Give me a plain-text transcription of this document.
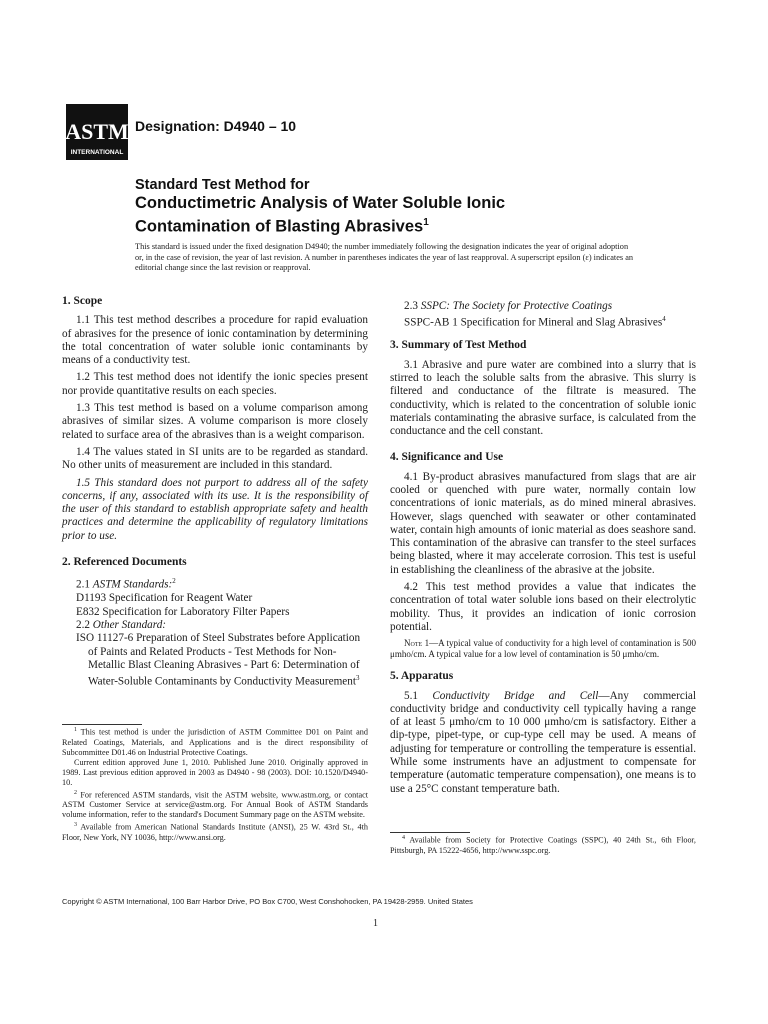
ASTM
INTERNATIONAL
Designation: D4940 – 10
Standard Test Method for
Conductimetric Analysis of Water Soluble Ionic
Contamination of Blasting Abrasives$^1$
This standard is issued under the fixed designation D4940; the number immediately following the designation indicates the year of original adoption or, in the case of revision, the year of last revision. A number in parentheses indicates the year of last reapproval. A superscript epsilon (ε) indicates an editorial change since the last revision or reapproval.
1. Scope

1.1 This test method describes a procedure for rapid evaluation of abrasives for the presence of ionic contamination by determining the total concentration of water soluble ionic contaminants by means of a conductivity test.

1.2 This test method does not identify the ionic species present nor provide quantitative results on each species.

1.3 This test method is based on a volume comparison among abrasives of similar sizes. A volume comparison is more closely related to surface area of the abrasives than is a weight comparison.

1.4 The values stated in SI units are to be regarded as standard. No other units of measurement are included in this standard.

1.5 This standard does not purport to address all of the safety concerns, if any, associated with its use. It is the responsibility of the user of this standard to establish appropriate safety and health practices and determine the applicability of regulatory limitations prior to use.

2. Referenced Documents

2.1 ASTM Standards:$^2$

D1193 Specification for Reagent Water

E832 Specification for Laboratory Filter Papers

2.2 Other Standard:

ISO 11127-6 Preparation of Steel Substrates before Application of Paints and Related Products - Test Methods for Non-Metallic Blast Cleaning Abrasives - Part 6: Determination of Water-Soluble Contaminants by Conductivity Measurement$^3$

$^1$ This test method is under the jurisdiction of ASTM Committee D01 on Paint and Related Coatings, Materials, and Applications and is the direct responsibility of Subcommittee D01.46 on Industrial Protective Coatings.

Current edition approved June 1, 2010. Published June 2010. Originally approved in 1989. Last previous edition approved in 2003 as D4940 - 98 (2003). DOI: 10.1520/D4940-10.

$^2$ For referenced ASTM standards, visit the ASTM website, www.astm.org, or contact ASTM Customer Service at service@astm.org. For Annual Book of ASTM Standards volume information, refer to the standard's Document Summary page on the ASTM website.

$^3$ Available from American National Standards Institute (ANSI), 25 W. 43rd St., 4th Floor, New York, NY 10036, http://www.ansi.org.

2.3 SSPC: The Society for Protective Coatings

SSPC-AB 1 Specification for Mineral and Slag Abrasives$^4$

3. Summary of Test Method

3.1 Abrasive and pure water are combined into a slurry that is stirred to leach the soluble salts from the abrasive. This slurry is filtered and conductance of the filtrate is measured. The conductivity, which is related to the concentration of soluble ionic materials contaminating the abrasive surface, is calculated from the conductance and the cell constant.

4. Significance and Use

4.1 By-product abrasives manufactured from slags that are air cooled or quenched with pure water, normally contain low concentrations of ionic materials, as do mined mineral abrasives. However, slags quenched with seawater or other contaminated water, contain high amounts of ionic material as does seashore sand. This contamination of the abrasive can transfer to the steel surfaces being blasted, where it may accelerate corrosion. This test is useful in establishing the cleanliness of the abrasive at the jobsite.

4.2 This test method provides a value that indicates the concentration of total water soluble ions based on their electrolytic mobility. Thus, it provides an indication of ionic corrosion potential.

Note 1—A typical value of conductivity for a high level of contamination is 500 μmho/cm. A typical value for a low level of contamination is 50 μmho/cm.

5. Apparatus

5.1 Conductivity Bridge and Cell—Any commercial conductivity bridge and conductivity cell typically having a range of at least 5 μmho/cm to 10 000 μmho/cm is satisfactory. Either a dip-type, pipet-type, or cup-type cell may be used. A means of adjusting for temperature or controlling the temperature is essential. While some instruments have an adjustment to compensate for temperature (automatic temperature compensation), one means is to use a 25°C constant temperature bath.

$^4$ Available from Society for Protective Coatings (SSPC), 40 24th St., 6th Floor, Pittsburgh, PA 15222-4656, http://www.sspc.org.

Copyright © ASTM International, 100 Barr Harbor Drive, PO Box C700, West Conshohocken, PA 19428-2959. United States
1
